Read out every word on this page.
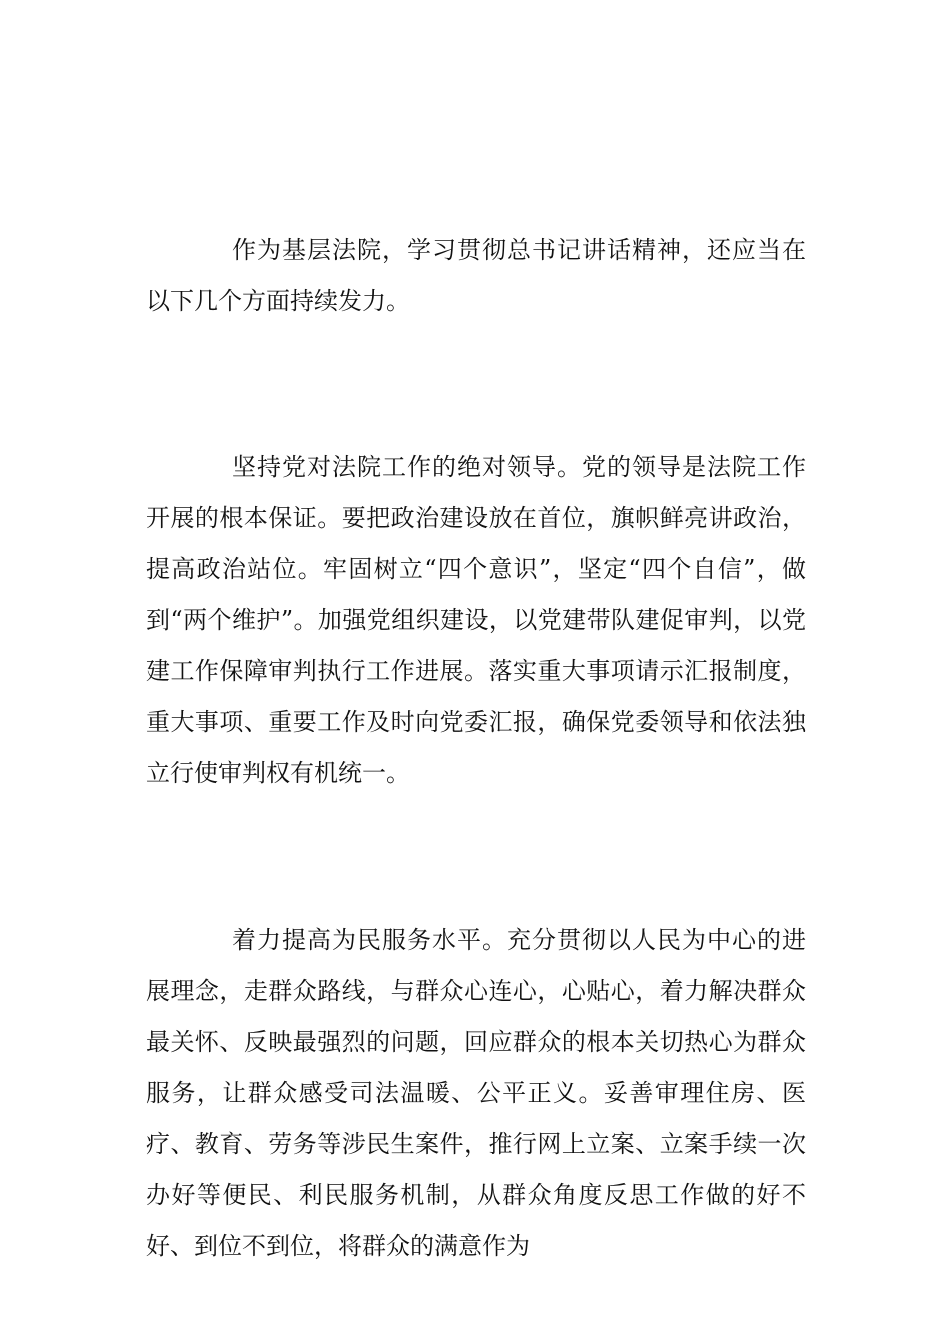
作为基层法院，学习贯彻总书记讲话精神，还应当在以下几个方面持续发力。

坚持党对法院工作的绝对领导。党的领导是法院工作开展的根本保证。要把政治建设放在首位，旗帜鲜亮讲政治，提高政治站位。牢固树立“四个意识”，坚定“四个自信”，做到“两个维护”。加强党组织建设，以党建带队建促审判，以党建工作保障审判执行工作进展。落实重大事项请示汇报制度，重大事项、重要工作及时向党委汇报，确保党委领导和依法独立行使审判权有机统一。

着力提高为民服务水平。充分贯彻以人民为中心的进展理念，走群众路线，与群众心连心，心贴心，着力解决群众最关怀、反映最强烈的问题，回应群众的根本关切热心为群众服务，让群众感受司法温暖、公平正义。妥善审理住房、医疗、教育、劳务等涉民生案件，推行网上立案、立案手续一次办好等便民、利民服务机制，从群众角度反思工作做的好不好、到位不到位，将群众的满意作为
